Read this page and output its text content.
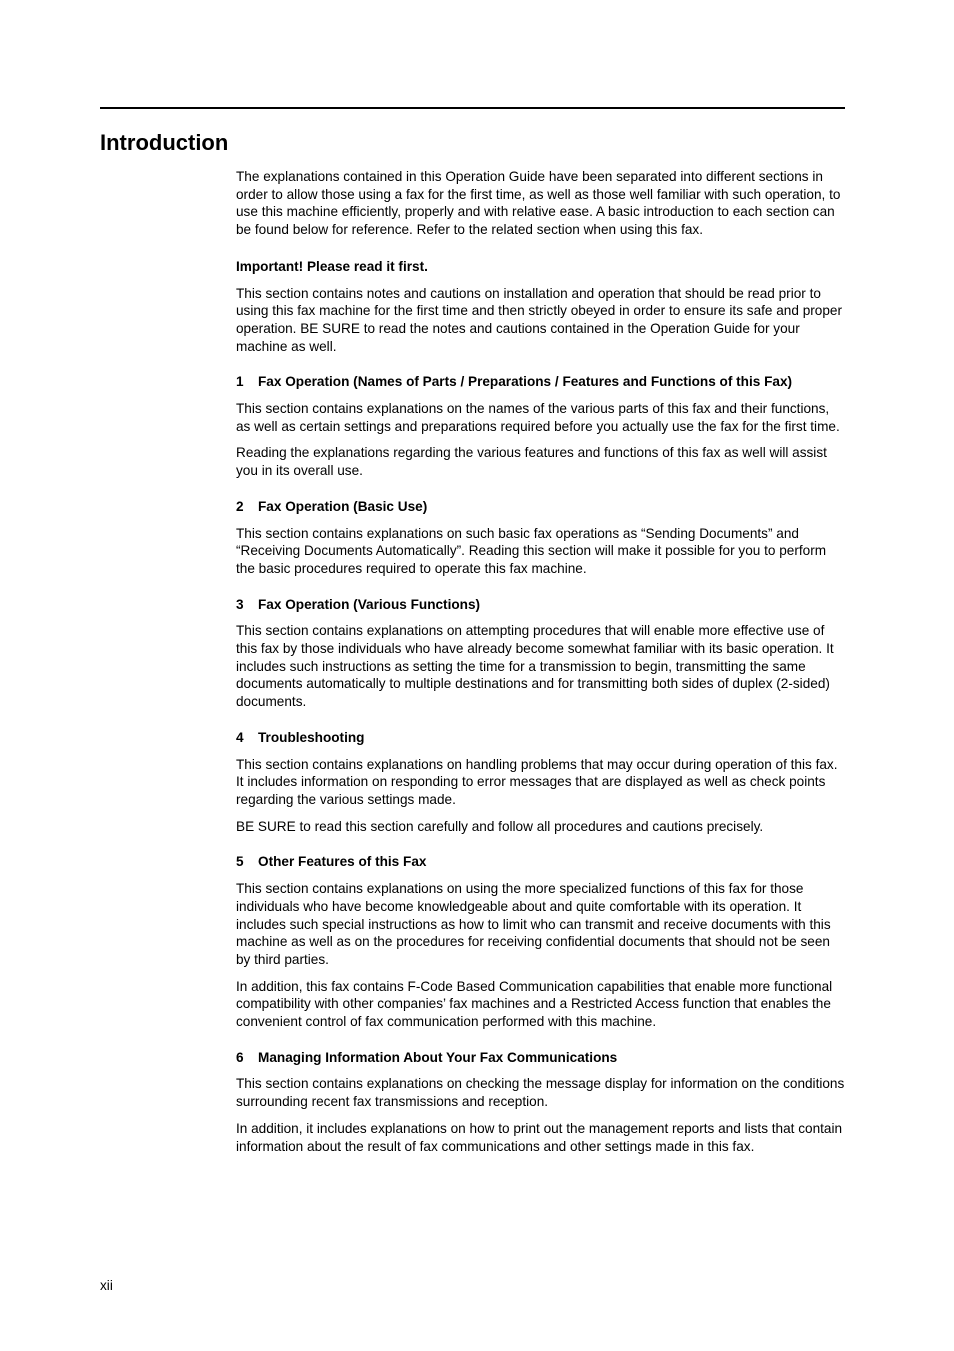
Introduction

The explanations contained in this Operation Guide have been separated into different sections in order to allow those using a fax for the first time, as well as those well familiar with such operation, to use this machine efficiently, properly and with relative ease. A basic introduction to each section can be found below for reference. Refer to the related section when using this fax.

Important! Please read it first.

This section contains notes and cautions on installation and operation that should be read prior to using this fax machine for the first time and then strictly obeyed in order to ensure its safe and proper operation. BE SURE to read the notes and cautions contained in the Operation Guide for your machine as well.

1 Fax Operation (Names of Parts / Preparations / Features and Functions of this Fax)

This section contains explanations on the names of the various parts of this fax and their functions, as well as certain settings and preparations required before you actually use the fax for the first time.

Reading the explanations regarding the various features and functions of this fax as well will assist you in its overall use.

2 Fax Operation (Basic Use)

This section contains explanations on such basic fax operations as “Sending Documents” and “Receiving Documents Automatically”. Reading this section will make it possible for you to perform the basic procedures required to operate this fax machine.

3 Fax Operation (Various Functions)

This section contains explanations on attempting procedures that will enable more effective use of this fax by those individuals who have already become somewhat familiar with its basic operation. It includes such instructions as setting the time for a transmission to begin, transmitting the same documents automatically to multiple destinations and for transmitting both sides of duplex (2-sided) documents.

4 Troubleshooting

This section contains explanations on handling problems that may occur during operation of this fax. It includes information on responding to error messages that are displayed as well as check points regarding the various settings made.

BE SURE to read this section carefully and follow all procedures and cautions precisely.

5 Other Features of this Fax

This section contains explanations on using the more specialized functions of this fax for those individuals who have become knowledgeable about and quite comfortable with its operation. It includes such special instructions as how to limit who can transmit and receive documents with this machine as well as on the procedures for receiving confidential documents that should not be seen by third parties.

In addition, this fax contains F-Code Based Communication capabilities that enable more functional compatibility with other companies’ fax machines and a Restricted Access function that enables the convenient control of fax communication performed with this machine.

6 Managing Information About Your Fax Communications

This section contains explanations on checking the message display for information on the conditions surrounding recent fax transmissions and reception.

In addition, it includes explanations on how to print out the management reports and lists that contain information about the result of fax communications and other settings made in this fax.

xii
